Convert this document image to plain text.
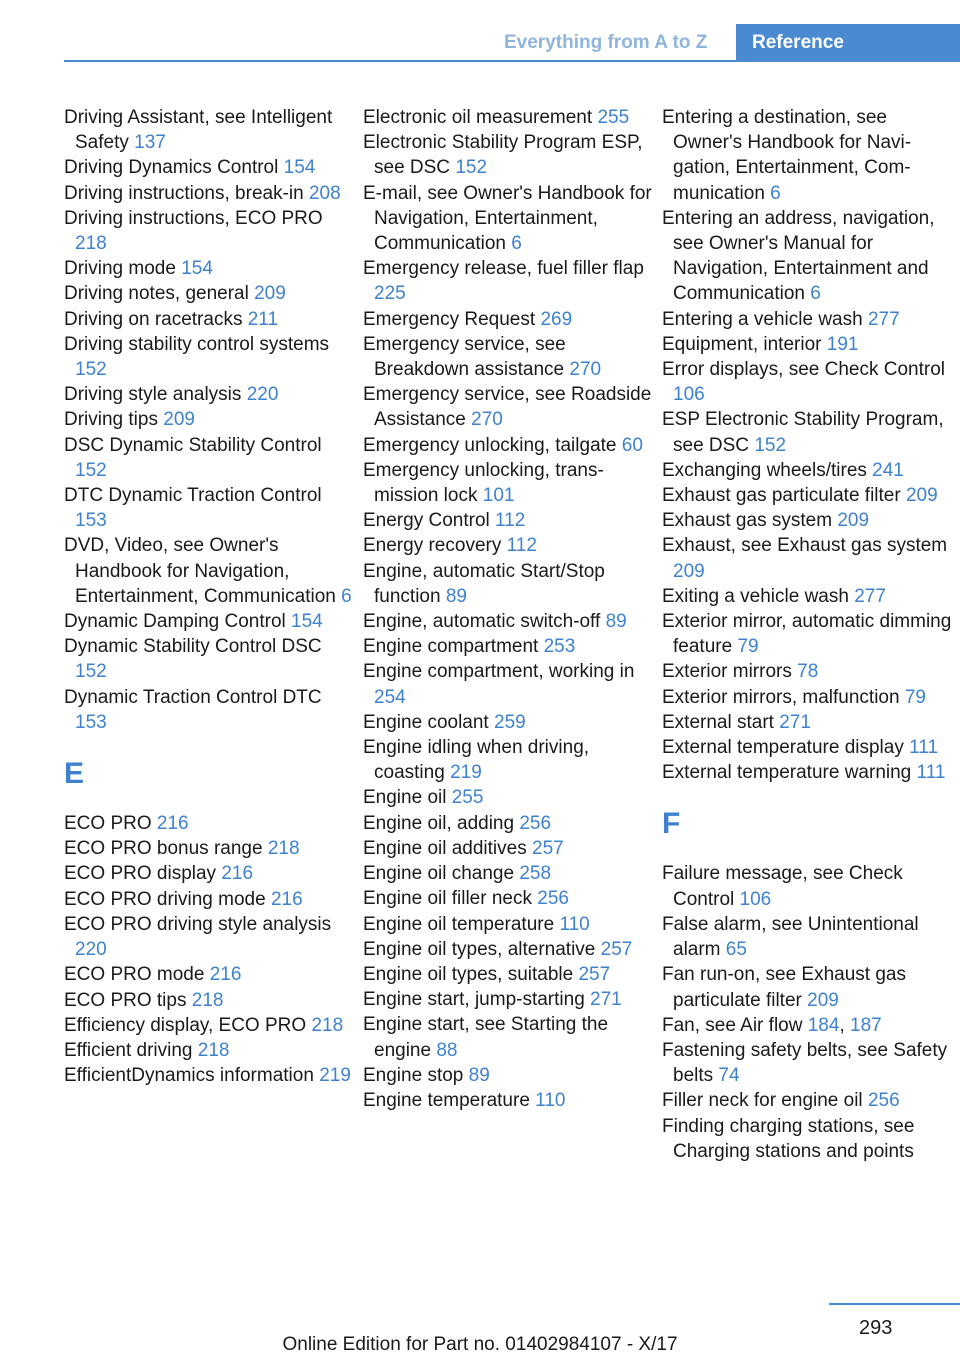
Everything from A to Z	Reference
Driving Assistant, see Intelligent Safety 137
Driving Dynamics Control 154
Driving instructions, break-in 208
Driving instructions, ECO PRO 218
Driving mode 154
Driving notes, general 209
Driving on racetracks 211
Driving stability control systems 152
Driving style analysis 220
Driving tips 209
DSC Dynamic Stability Control 152
DTC Dynamic Traction Control 153
DVD, Video, see Owner's Handbook for Navigation, Entertainment, Communication 6
Dynamic Damping Control 154
Dynamic Stability Control DSC 152
Dynamic Traction Control DTC 153
E
ECO PRO 216
ECO PRO bonus range 218
ECO PRO display 216
ECO PRO driving mode 216
ECO PRO driving style analysis 220
ECO PRO mode 216
ECO PRO tips 218
Efficiency display, ECO PRO 218
Efficient driving 218
EfficientDynamics information 219
Electronic oil measurement 255
Electronic Stability Program ESP, see DSC 152
E-mail, see Owner's Handbook for Navigation, Entertainment, Communication 6
Emergency release, fuel filler flap 225
Emergency Request 269
Emergency service, see Breakdown assistance 270
Emergency service, see Roadside Assistance 270
Emergency unlocking, tailgate 60
Emergency unlocking, transmission lock 101
Energy Control 112
Energy recovery 112
Engine, automatic Start/Stop function 89
Engine, automatic switch-off 89
Engine compartment 253
Engine compartment, working in 254
Engine coolant 259
Engine idling when driving, coasting 219
Engine oil 255
Engine oil, adding 256
Engine oil additives 257
Engine oil change 258
Engine oil filler neck 256
Engine oil temperature 110
Engine oil types, alternative 257
Engine oil types, suitable 257
Engine start, jump-starting 271
Engine start, see Starting the engine 88
Engine stop 89
Engine temperature 110
Entering a destination, see Owner's Handbook for Navigation, Entertainment, Communication 6
Entering an address, navigation, see Owner's Manual for Navigation, Entertainment and Communication 6
Entering a vehicle wash 277
Equipment, interior 191
Error displays, see Check Control 106
ESP Electronic Stability Program, see DSC 152
Exchanging wheels/tires 241
Exhaust gas particulate filter 209
Exhaust gas system 209
Exhaust, see Exhaust gas system 209
Exiting a vehicle wash 277
Exterior mirror, automatic dimming feature 79
Exterior mirrors 78
Exterior mirrors, malfunction 79
External start 271
External temperature display 111
External temperature warning 111
F
Failure message, see Check Control 106
False alarm, see Unintentional alarm 65
Fan run-on, see Exhaust gas particulate filter 209
Fan, see Air flow 184, 187
Fastening safety belts, see Safety belts 74
Filler neck for engine oil 256
Finding charging stations, see Charging stations and points
293
Online Edition for Part no. 01402984107 - X/17
